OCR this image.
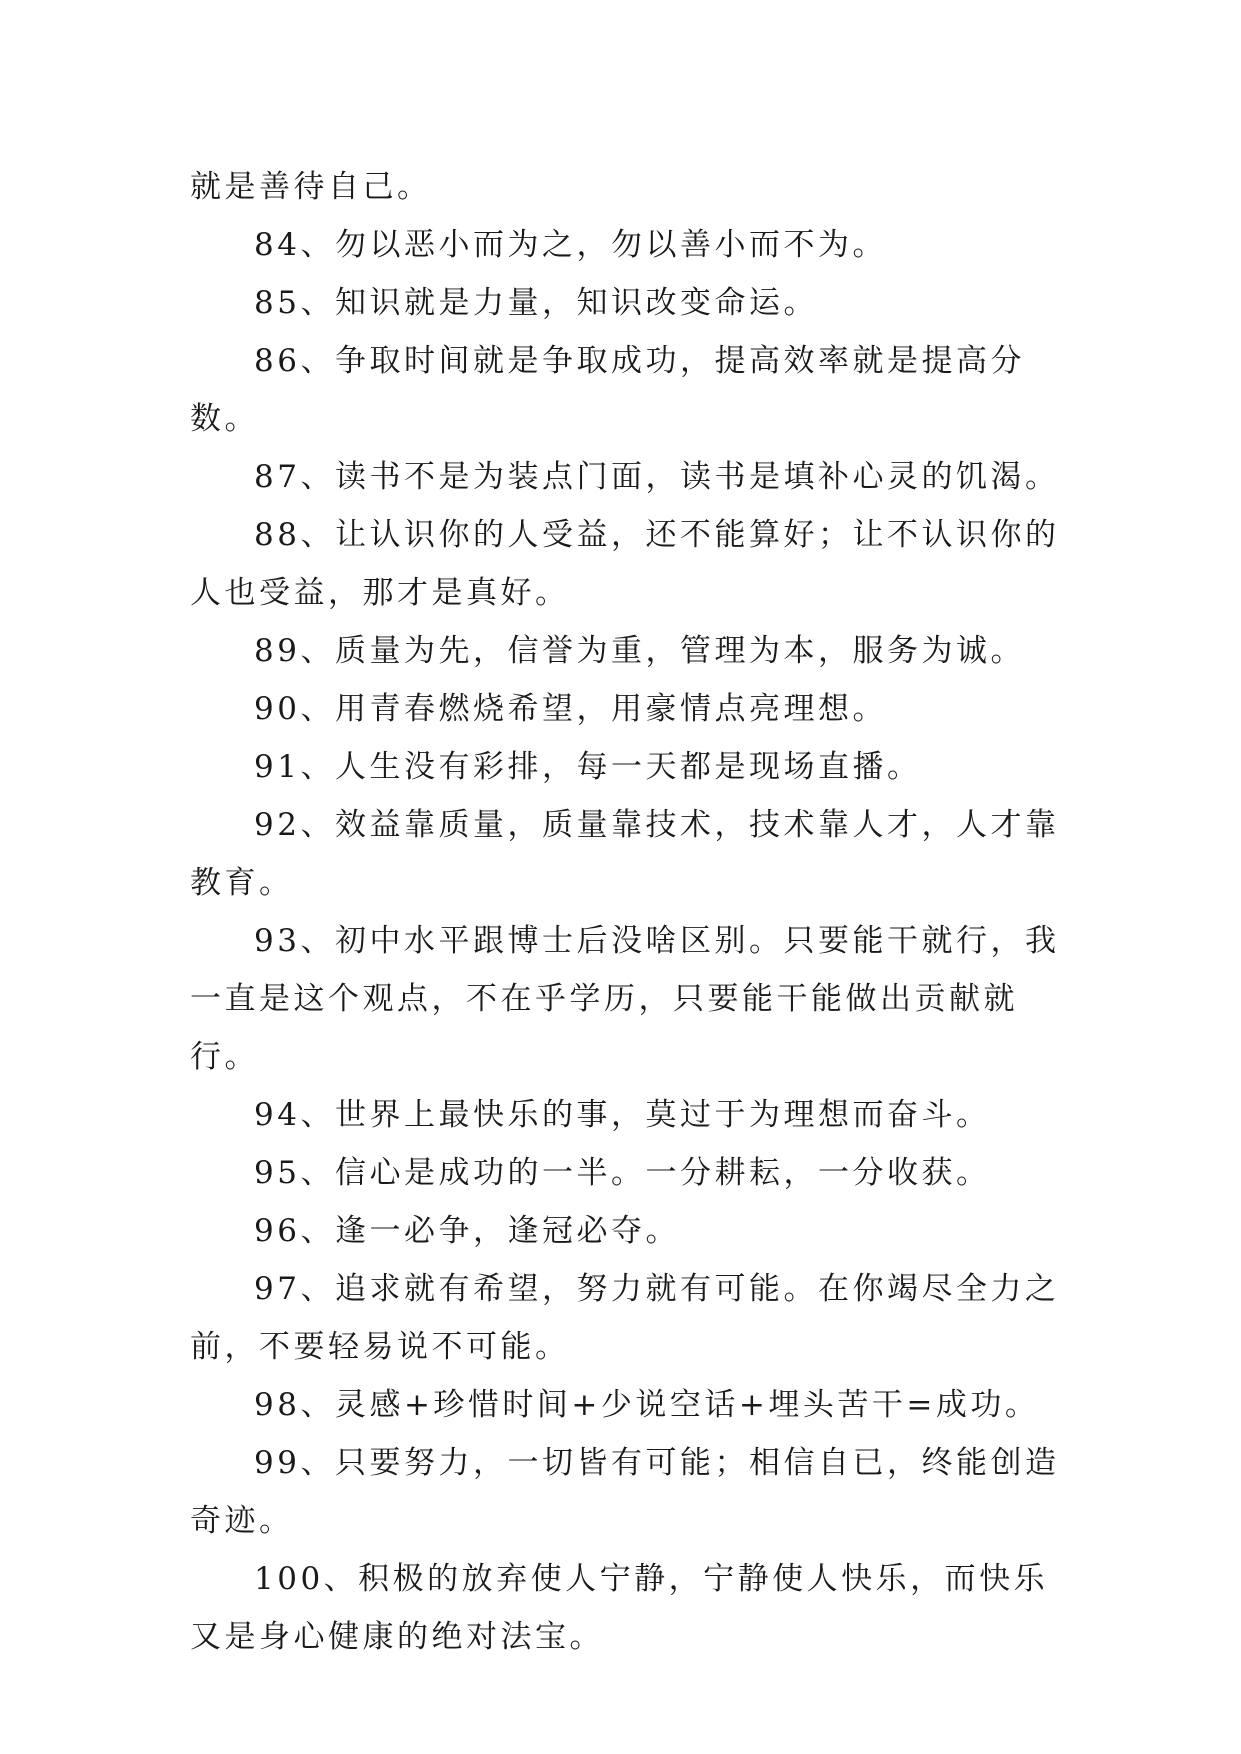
就是善待自己。

84、勿以恶小而为之，勿以善小而不为。

85、知识就是力量，知识改变命运。

86、争取时间就是争取成功，提高效率就是提高分数。

87、读书不是为装点门面，读书是填补心灵的饥渴。

88、让认识你的人受益，还不能算好；让不认识你的人也受益，那才是真好。

89、质量为先，信誉为重，管理为本，服务为诚。

90、用青春燃烧希望，用豪情点亮理想。

91、人生没有彩排，每一天都是现场直播。

92、效益靠质量，质量靠技术，技术靠人才，人才靠教育。

93、初中水平跟博士后没啥区别。只要能干就行，我一直是这个观点，不在乎学历，只要能干能做出贡献就行。

94、世界上最快乐的事，莫过于为理想而奋斗。

95、信心是成功的一半。一分耕耘，一分收获。

96、逢一必争，逢冠必夺。

97、追求就有希望，努力就有可能。在你竭尽全力之前，不要轻易说不可能。

98、灵感+珍惜时间+少说空话+埋头苦干=成功。

99、只要努力，一切皆有可能；相信自已，终能创造奇迹。

100、积极的放弃使人宁静，宁静使人快乐，而快乐又是身心健康的绝对法宝。
